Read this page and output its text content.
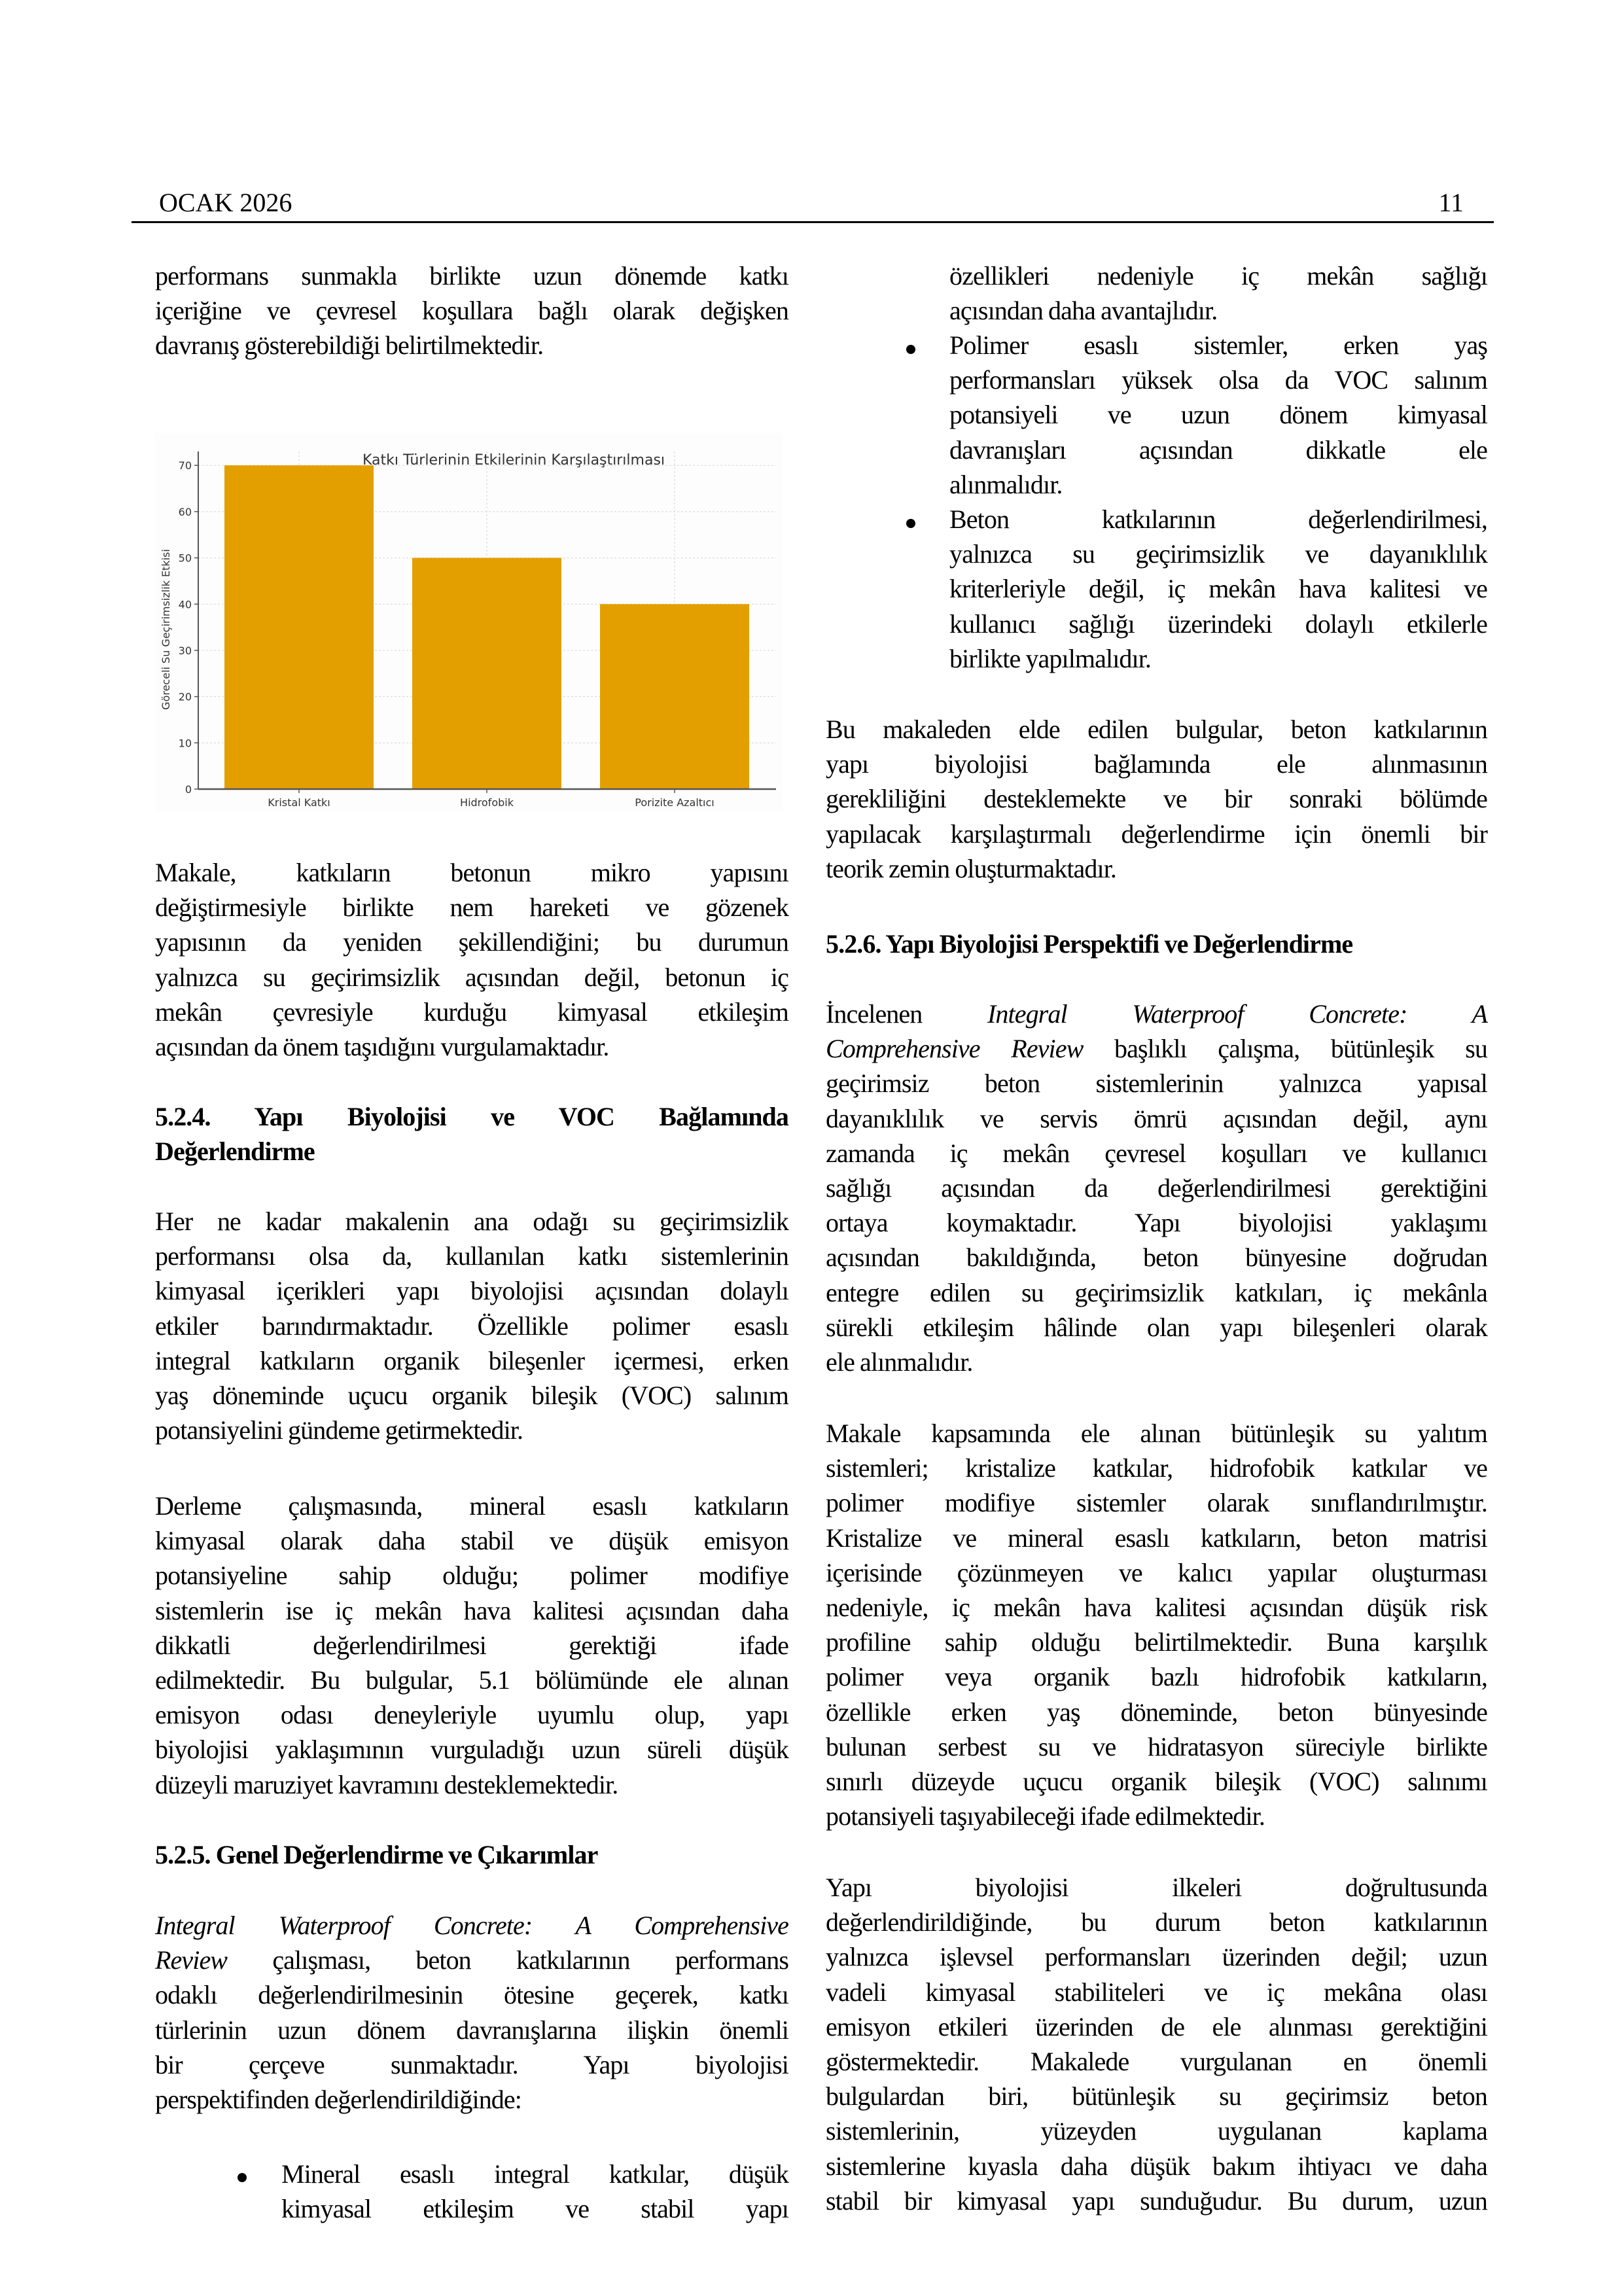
OCAK 2026	11
performans sunmakla birlikte uzun dönemde katkı
içeriğine ve çevresel koşullara bağlı olarak değişken
davranış gösterebildiği belirtilmektedir.
0
10
20
30
40
50
60
70
Kristal Katkı	Hidrofobik	Porizite Azaltıcı
Katkı Türlerinin Etkilerinin Karşılaştırılması
Göreceli Su Geçirimsizlik Etkisi
Makale, katkıların betonun mikro yapısını
değiştirmesiyle birlikte nem hareketi ve gözenek
yapısının da yeniden şekillendiğini; bu durumun
yalnızca su geçirimsizlik açısından değil, betonun iç
mekân çevresiyle kurduğu kimyasal etkileşim
açısından da önem taşıdığını vurgulamaktadır.
5.2.4. Yapı Biyolojisi ve VOC Bağlamında
Değerlendirme
Her ne kadar makalenin ana odağı su geçirimsizlik
performansı olsa da, kullanılan katkı sistemlerinin
kimyasal içerikleri yapı biyolojisi açısından dolaylı
etkiler barındırmaktadır. Özellikle polimer esaslı
integral katkıların organik bileşenler içermesi, erken
yaş döneminde uçucu organik bileşik (VOC) salınım
potansiyelini gündeme getirmektedir.
Derleme çalışmasında, mineral esaslı katkıların
kimyasal olarak daha stabil ve düşük emisyon
potansiyeline sahip olduğu; polimer modifiye
sistemlerin ise iç mekân hava kalitesi açısından daha
dikkatli değerlendirilmesi gerektiği ifade
edilmektedir. Bu bulgular, 5.1 bölümünde ele alınan
emisyon odası deneyleriyle uyumlu olup, yapı
biyolojisi yaklaşımının vurguladığı uzun süreli düşük
düzeyli maruziyet kavramını desteklemektedir.
5.2.5. Genel Değerlendirme ve Çıkarımlar
Integral Waterproof Concrete: A Comprehensive
Review çalışması, beton katkılarının performans
odaklı değerlendirilmesinin ötesine geçerek, katkı
türlerinin uzun dönem davranışlarına ilişkin önemli
bir çerçeve sunmaktadır. Yapı biyolojisi
perspektifinden değerlendirildiğinde:
Mineral esaslı integral katkılar, düşük
kimyasal etkileşim ve stabil yapı
özellikleri nedeniyle iç mekân sağlığı
açısından daha avantajlıdır.
Polimer esaslı sistemler, erken yaş
performansları yüksek olsa da VOC salınım
potansiyeli ve uzun dönem kimyasal
davranışları açısından dikkatle ele
alınmalıdır.
Beton katkılarının değerlendirilmesi,
yalnızca su geçirimsizlik ve dayanıklılık
kriterleriyle değil, iç mekân hava kalitesi ve
kullanıcı sağlığı üzerindeki dolaylı etkilerle
birlikte yapılmalıdır.
Bu makaleden elde edilen bulgular, beton katkılarının
yapı biyolojisi bağlamında ele alınmasının
gerekliliğini desteklemekte ve bir sonraki bölümde
yapılacak karşılaştırmalı değerlendirme için önemli bir
teorik zemin oluşturmaktadır.
5.2.6. Yapı Biyolojisi Perspektifi ve Değerlendirme
İncelenen Integral Waterproof Concrete: A
Comprehensive Review başlıklı çalışma, bütünleşik su
geçirimsiz beton sistemlerinin yalnızca yapısal
dayanıklılık ve servis ömrü açısından değil, aynı
zamanda iç mekân çevresel koşulları ve kullanıcı
sağlığı açısından da değerlendirilmesi gerektiğini
ortaya koymaktadır. Yapı biyolojisi yaklaşımı
açısından bakıldığında, beton bünyesine doğrudan
entegre edilen su geçirimsizlik katkıları, iç mekânla
sürekli etkileşim hâlinde olan yapı bileşenleri olarak
ele alınmalıdır.
Makale kapsamında ele alınan bütünleşik su yalıtım
sistemleri; kristalize katkılar, hidrofobik katkılar ve
polimer modifiye sistemler olarak sınıflandırılmıştır.
Kristalize ve mineral esaslı katkıların, beton matrisi
içerisinde çözünmeyen ve kalıcı yapılar oluşturması
nedeniyle, iç mekân hava kalitesi açısından düşük risk
profiline sahip olduğu belirtilmektedir. Buna karşılık
polimer veya organik bazlı hidrofobik katkıların,
özellikle erken yaş döneminde, beton bünyesinde
bulunan serbest su ve hidratasyon süreciyle birlikte
sınırlı düzeyde uçucu organik bileşik (VOC) salınımı
potansiyeli taşıyabileceği ifade edilmektedir.
Yapı biyolojisi ilkeleri doğrultusunda
değerlendirildiğinde, bu durum beton katkılarının
yalnızca işlevsel performansları üzerinden değil; uzun
vadeli kimyasal stabiliteleri ve iç mekâna olası
emisyon etkileri üzerinden de ele alınması gerektiğini
göstermektedir. Makalede vurgulanan en önemli
bulgulardan biri, bütünleşik su geçirimsiz beton
sistemlerinin, yüzeyden uygulanan kaplama
sistemlerine kıyasla daha düşük bakım ihtiyacı ve daha
stabil bir kimyasal yapı sunduğudur. Bu durum, uzun
